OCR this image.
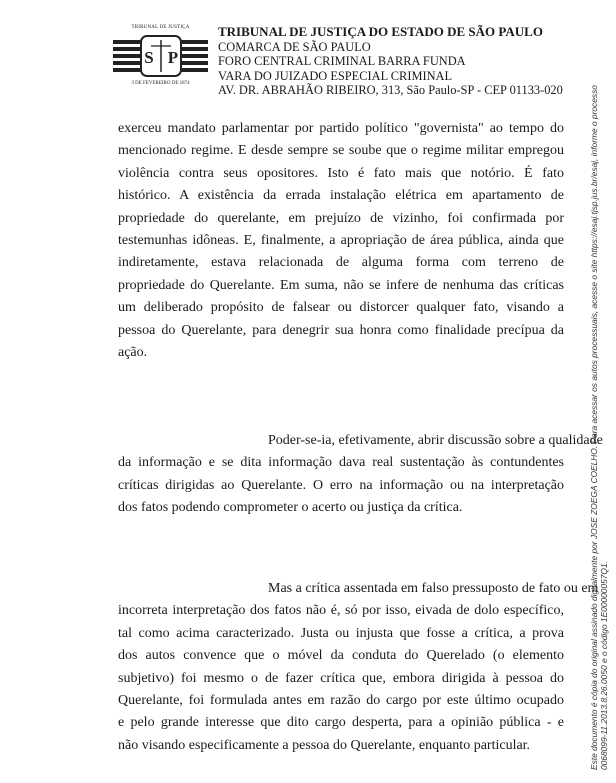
TRIBUNAL DE JUSTIÇA
S P
3 DE FEVEREIRO DE 1874
TRIBUNAL DE JUSTIÇA DO ESTADO DE SÃO PAULO
COMARCA DE SÃO PAULO
FORO CENTRAL CRIMINAL BARRA FUNDA
VARA DO JUIZADO ESPECIAL CRIMINAL
AV. DR. ABRAHÃO RIBEIRO, 313, São Paulo-SP - CEP 01133-020
exerceu mandato parlamentar por partido político "governista" ao tempo do
mencionado regime. E desde sempre se soube que o regime militar empregou
violência contra seus opositores. Isto é fato mais que notório. É fato
histórico. A existência da errada instalação elétrica em apartamento de
propriedade do querelante, em prejuízo de vizinho, foi confirmada por
testemunhas idôneas. E, finalmente, a apropriação de área pública, ainda que
indiretamente, estava relacionada de alguma forma com terreno de
propriedade do Querelante. Em suma, não se infere de nenhuma das críticas
um deliberado propósito de falsear ou distorcer qualquer fato, visando a
pessoa do Querelante, para denegrir sua honra como finalidade precípua da
ação.
Poder-se-ia, efetivamente, abrir discussão sobre a qualidade
da informação e se dita informação dava real sustentação às contundentes
críticas dirigidas ao Querelante. O erro na informação ou na interpretação
dos fatos podendo comprometer o acerto ou justiça da crítica.
Mas a crítica assentada em falso pressuposto de fato ou em
incorreta interpretação dos fatos não é, só por isso, eivada de dolo específico,
tal como acima caracterizado. Justa ou injusta que fosse a crítica, a prova
dos autos convence que o móvel da conduta do Querelado (o elemento
subjetivo) foi mesmo o de fazer crítica que, embora dirigida à pessoa do
Querelante, foi formulada antes em razão do cargo por este último ocupado
e pelo grande interesse que dito cargo desperta, para a opinião pública - e
não visando especificamente a pessoa do Querelante, enquanto particular.	Este documento é cópia do original assinado digitalmente por JOSE ZOEGA COELHO. Para acessar os autos processuais, acesse o site https://esaj.tjsp.jus.br/esaj, informe o processo 0068099-11.2013.8.26.0050 e o código 1E00000057Q1.
